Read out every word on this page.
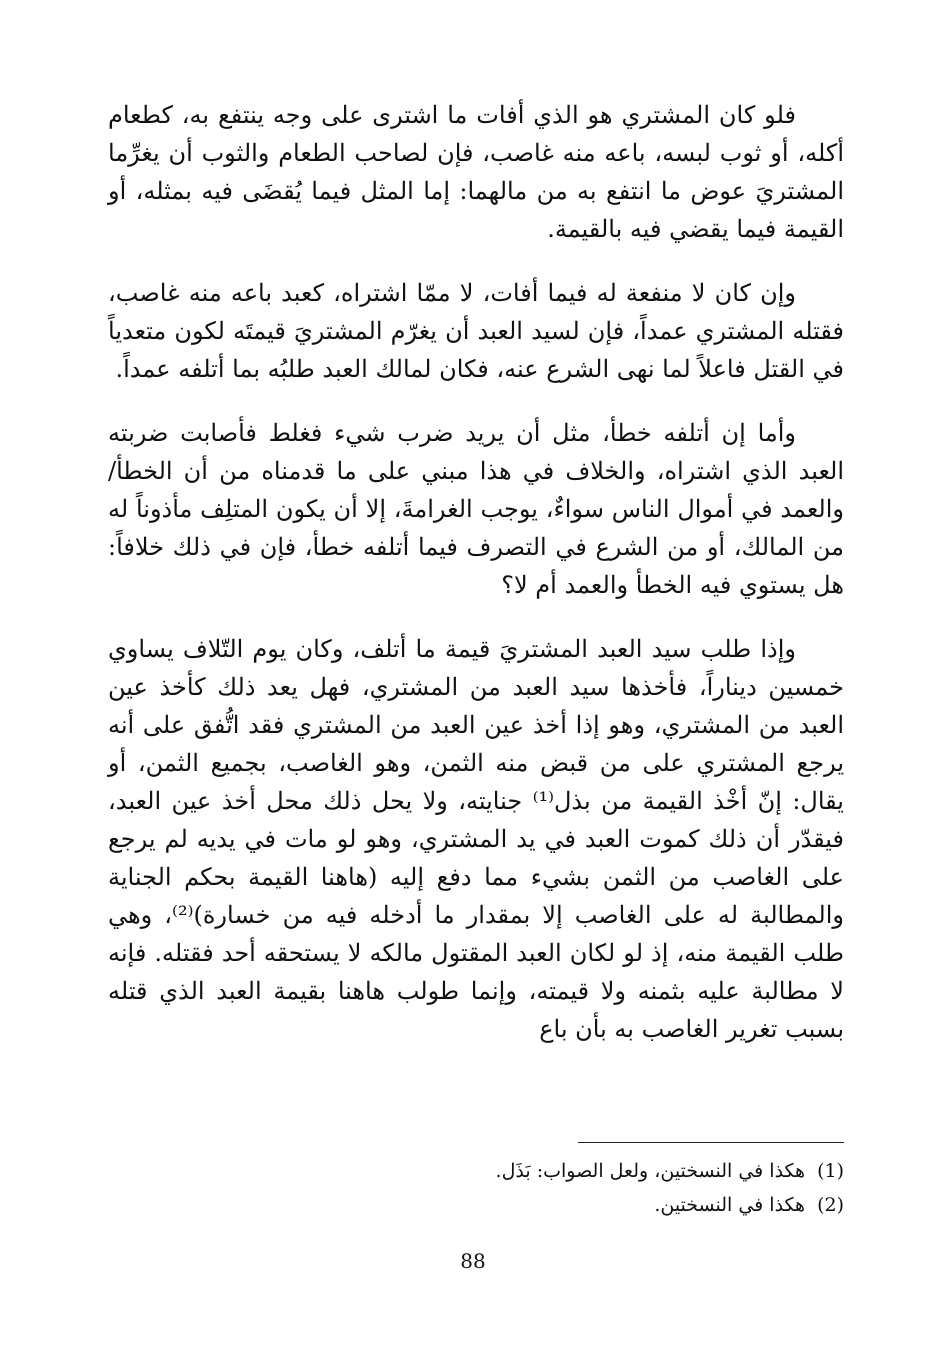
فلو كان المشتري هو الذي أفات ما اشترى على وجه ينتفع به، كطعام أكله، أو ثوب لبسه، باعه منه غاصب، فإن لصاحب الطعام والثوب أن يغرِّما المشتريَ عوض ما انتفع به من مالهما: إما المثل فيما يُقضَى فيه بمثله، أو القيمة فيما يقضي فيه بالقيمة.

وإن كان لا منفعة له فيما أفات، لا ممّا اشتراه، كعبد باعه منه غاصب، فقتله المشتري عمداً، فإن لسيد العبد أن يغرّم المشتريَ قيمتَه لكون متعدياً في القتل فاعلاً لما نهى الشرع عنه، فكان لمالك العبد طلبُه بما أتلفه عمداً.

وأما إن أتلفه خطأ، مثل أن يريد ضرب شيء فغلط فأصابت ضربته العبد الذي اشتراه، والخلاف في هذا مبني على ما قدمناه من أن الخطأ/ والعمد في أموال الناس سواءٌ، يوجب الغرامةَ، إلا أن يكون المتلِف مأذوناً له من المالك، أو من الشرع في التصرف فيما أتلفه خطأ، فإن في ذلك خلافاً: هل يستوي فيه الخطأ والعمد أم لا؟

وإذا طلب سيد العبد المشتريَ قيمة ما أتلف، وكان يوم التّلاف يساوي خمسين ديناراً، فأخذها سيد العبد من المشتري، فهل يعد ذلك كأخذ عين العبد من المشتري، وهو إذا أخذ عين العبد من المشتري فقد اتُّفق على أنه يرجع المشتري على من قبض منه الثمن، وهو الغاصب، بجميع الثمن، أو يقال: إنّ أخْذ القيمة من بذل⁽¹⁾ جنايته، ولا يحل ذلك محل أخذ عين العبد، فيقدّر أن ذلك كموت العبد في يد المشتري، وهو لو مات في يديه لم يرجع على الغاصب من الثمن بشيء مما دفع إليه (هاهنا القيمة بحكم الجناية والمطالبة له على الغاصب إلا بمقدار ما أدخله فيه من خسارة)⁽²⁾، وهي طلب القيمة منه، إذ لو لكان العبد المقتول مالكه لا يستحقه أحد فقتله. فإنه لا مطالبة عليه بثمنه ولا قيمته، وإنما طولب هاهنا بقيمة العبد الذي قتله بسبب تغرير الغاصب به بأن باع

(1)هكذا في النسختين، ولعل الصواب: بَذَل.
(2)هكذا في النسختين.
88
